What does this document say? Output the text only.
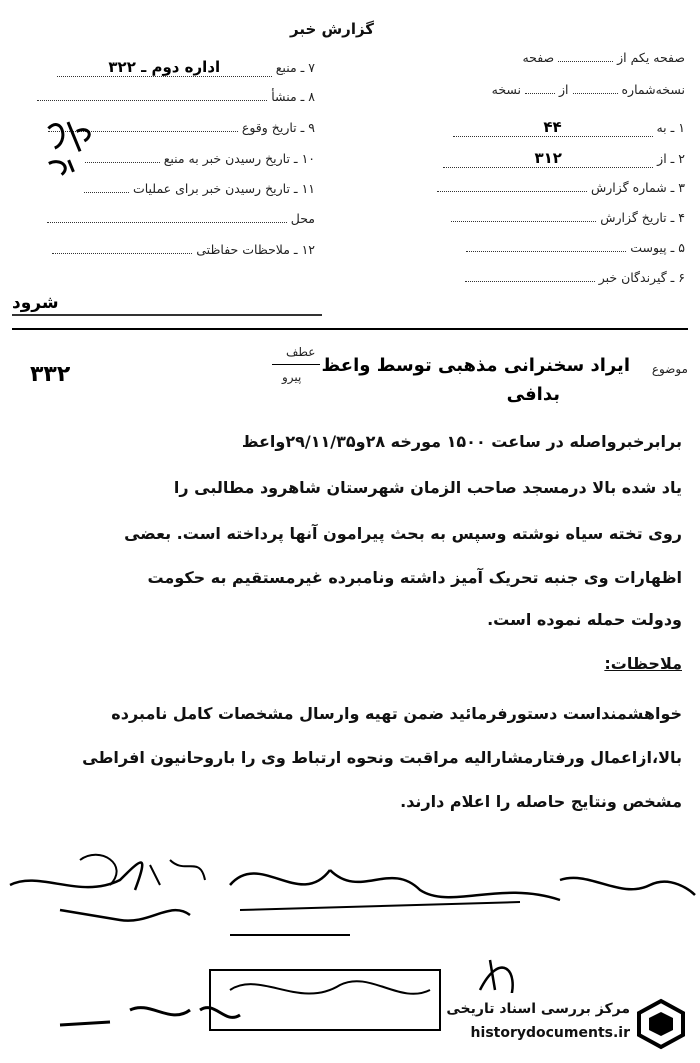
گزارش خبر
صفحه یکم از  صفحه
نسخه‌شماره  از  نسخه
۱ ـ به ۴۴
۲ ـ از ۳۱۲
۳ ـ شماره گزارش
۴ ـ تاریخ گزارش
۵ ـ پیوست
۶ ـ گیرندگان خبر
۷ ـ منبع اداره دوم ـ ۳۲۲
۸ ـ منشأ
۹ ـ تاریخ وقوع
۱۰ ـ تاریخ رسیدن خبر به منبع
۱۱ ـ تاریخ رسیدن خبر برای عملیات
محل
۱۲ ـ ملاحظات حفاظتی
شرود
موضوع
ایراد سخنرانی مذهبی توسط واعظ
بدافی
عطف
پیرو
۳۳۲
برابرخبرواصله در ساعت ۱۵۰۰ مورخه ۲۸و۲۹/۱۱/۳۵واعظ
یاد شده بالا درمسجد صاحب الزمان شهرستان شاهرود مطالبی را
روی تخته سیاه نوشته وسپس به بحث پیرامون آنها پرداخته است. بعضی
اظهارات وی جنبه تحریک آمیز داشته ونامبرده غیرمستقیم به حکومت
ودولت حمله نموده است.
ملاحظات:
خواهشمنداست دستورفرمائید ضمن تهیه وارسال مشخصات کامل نامبرده
بالا،ازاعمال ورفتارمشارالیه مراقبت ونحوه ارتباط وی را باروحانیون افراطی
مشخص ونتایج حاصله را اعلام دارند.
مرکز بررسی اسناد تاریخی
historydocuments.ir
